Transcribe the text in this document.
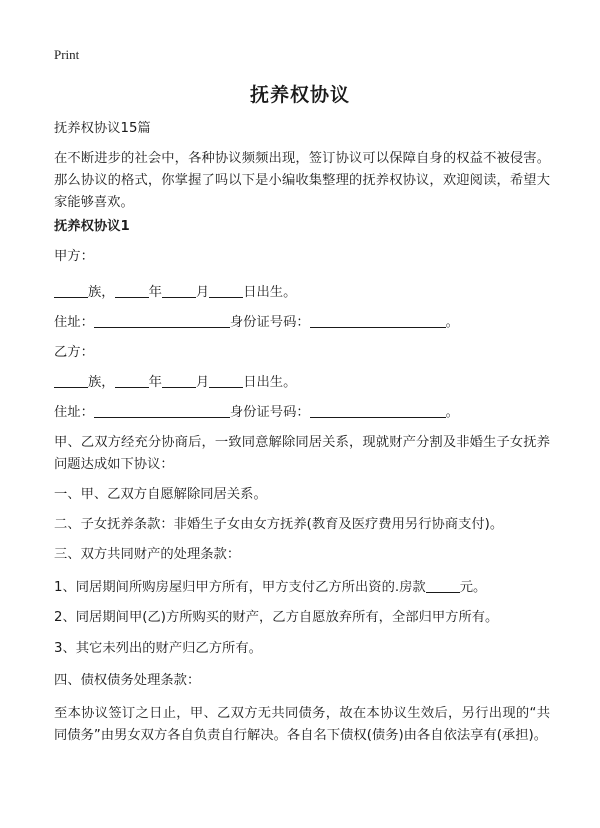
Print
抚养权协议
抚养权协议15篇

在不断进步的社会中，各种协议频频出现，签订协议可以保障自身的权益不被侵害。那么协议的格式，你掌握了吗以下是小编收集整理的抚养权协议，欢迎阅读，希望大家能够喜欢。

抚养权协议1
甲方：
族，	年	月	日出生。
住址：	身份证号码：	。
乙方：
族，	年	月	日出生。
住址：	身份证号码：	。

甲、乙双方经充分协商后，一致同意解除同居关系，现就财产分割及非婚生子女抚养问题达成如下协议：

一、甲、乙双方自愿解除同居关系。
二、子女抚养条款：非婚生子女由女方抚养(教育及医疗费用另行协商支付)。
三、双方共同财产的处理条款：
1、同居期间所购房屋归甲方所有，甲方支付乙方所出资的.房款	元。
2、同居期间甲(乙)方所购买的财产，乙方自愿放弃所有，全部归甲方所有。
3、其它未列出的财产归乙方所有。
四、债权债务处理条款：

至本协议签订之日止，甲、乙双方无共同债务，故在本协议生效后，另行出现的“共同债务”由男女双方各自负责自行解决。各自名下债权(债务)由各自依法享有(承担)。
